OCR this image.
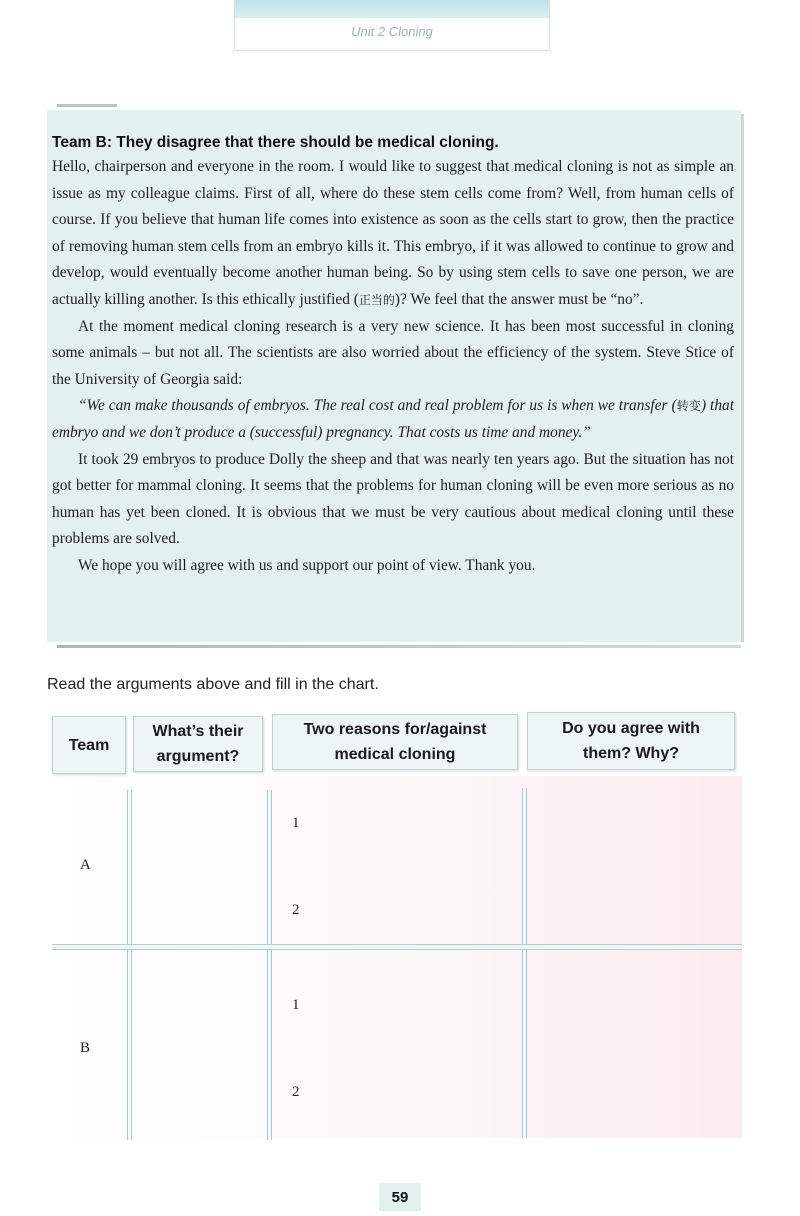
Unit 2 Cloning
Team B: They disagree that there should be medical cloning.

Hello, chairperson and everyone in the room. I would like to suggest that medical cloning is not as simple an issue as my colleague claims. First of all, where do these stem cells come from? Well, from human cells of course. If you believe that human life comes into existence as soon as the cells start to grow, then the practice of removing human stem cells from an embryo kills it. This embryo, if it was allowed to continue to grow and develop, would eventually become another human being. So by using stem cells to save one person, we are actually killing another. Is this ethically justified (正当的)? We feel that the answer must be “no”.

At the moment medical cloning research is a very new science. It has been most successful in cloning some animals – but not all. The scientists are also worried about the efficiency of the system. Steve Stice of the University of Georgia said:

“We can make thousands of embryos. The real cost and real problem for us is when we transfer (转变) that embryo and we don’t produce a (successful) pregnancy. That costs us time and money.”

It took 29 embryos to produce Dolly the sheep and that was nearly ten years ago. But the situation has not got better for mammal cloning. It seems that the problems for human cloning will be even more serious as no human has yet been cloned. It is obvious that we must be very cautious about medical cloning until these problems are solved.

We hope you will agree with us and support our point of view. Thank you.

Read the arguments above and fill in the chart.
Team
What’s their argument?
Two reasons for/against medical cloning
Do you agree with them? Why?
A
1
2
B
1
2
59
